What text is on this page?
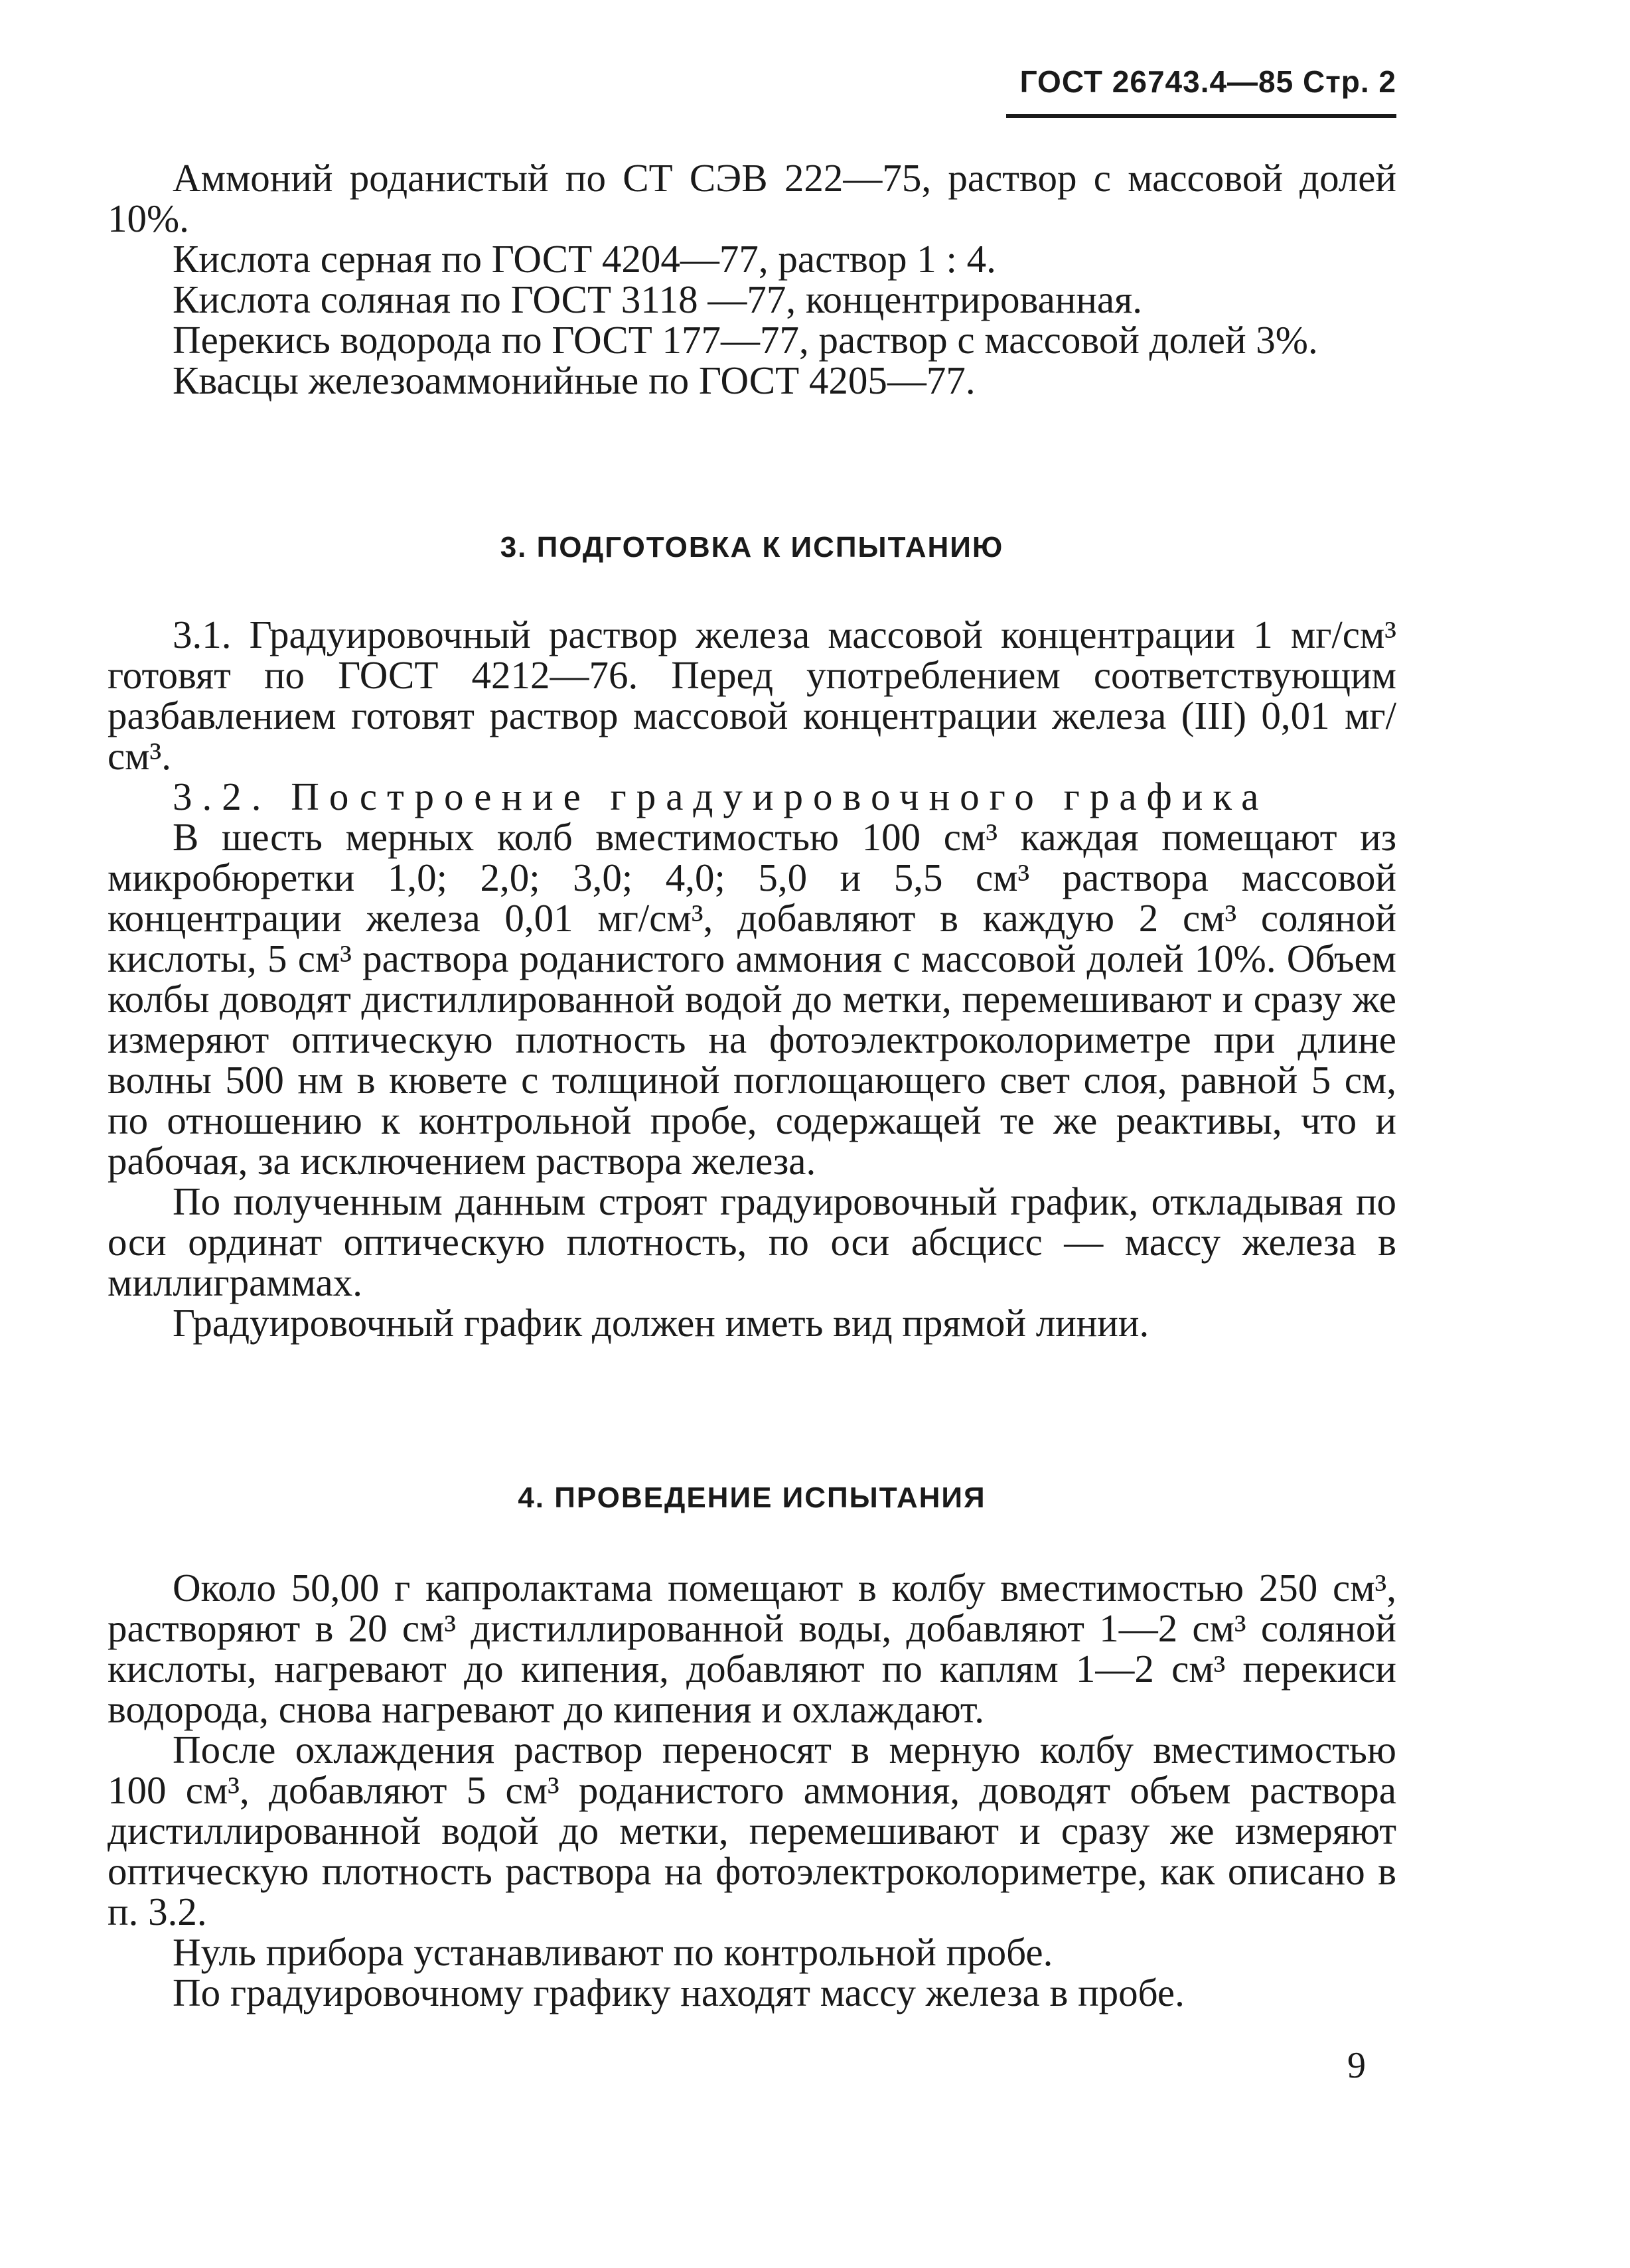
ГОСТ 26743.4—85 Стр. 2

Аммоний роданистый по СТ СЭВ 222—75, раствор с массовой долей 10%.

Кислота серная по ГОСТ 4204—77, раствор 1 : 4.

Кислота соляная по ГОСТ 3118 —77, концентрированная.

Перекись водорода по ГОСТ 177—77, раствор с массовой долей 3%.

Квасцы железоаммонийные по ГОСТ 4205—77.

3. ПОДГОТОВКА К ИСПЫТАНИЮ

3.1. Градуировочный раствор железа массовой концентрации 1 мг/см³ готовят по ГОСТ 4212—76. Перед употреблением соответствующим разбавлением готовят раствор массовой концентрации железа (III) 0,01 мг/см³.

3.2. Построение градуировочного графика

В шесть мерных колб вместимостью 100 см³ каждая помещают из микробюретки 1,0; 2,0; 3,0; 4,0; 5,0 и 5,5 см³ раствора массовой концентрации железа 0,01 мг/см³, добавляют в каждую 2 см³ соляной кислоты, 5 см³ раствора роданистого аммония с массовой долей 10%. Объем колбы доводят дистиллированной водой до метки, перемешивают и сразу же измеряют оптическую плотность на фотоэлектроколориметре при длине волны 500 нм в кювете с толщиной поглощающего свет слоя, равной 5 см, по отношению к контрольной пробе, содержащей те же реактивы, что и рабочая, за исключением раствора железа.

По полученным данным строят градуировочный график, откладывая по оси ординат оптическую плотность, по оси абсцисс — массу железа в миллиграммах.

Градуировочный график должен иметь вид прямой линии.

4. ПРОВЕДЕНИЕ ИСПЫТАНИЯ

Около 50,00 г капролактама помещают в колбу вместимостью 250 см³, растворяют в 20 см³ дистиллированной воды, добавляют 1—2 см³ соляной кислоты, нагревают до кипения, добавляют по каплям 1—2 см³ перекиси водорода, снова нагревают до кипения и охлаждают.

После охлаждения раствор переносят в мерную колбу вместимостью 100 см³, добавляют 5 см³ роданистого аммония, доводят объем раствора дистиллированной водой до метки, перемешивают и сразу же измеряют оптическую плотность раствора на фотоэлектроколориметре, как описано в п. 3.2.

Нуль прибора устанавливают по контрольной пробе.

По градуировочному графику находят массу железа в пробе.

9
